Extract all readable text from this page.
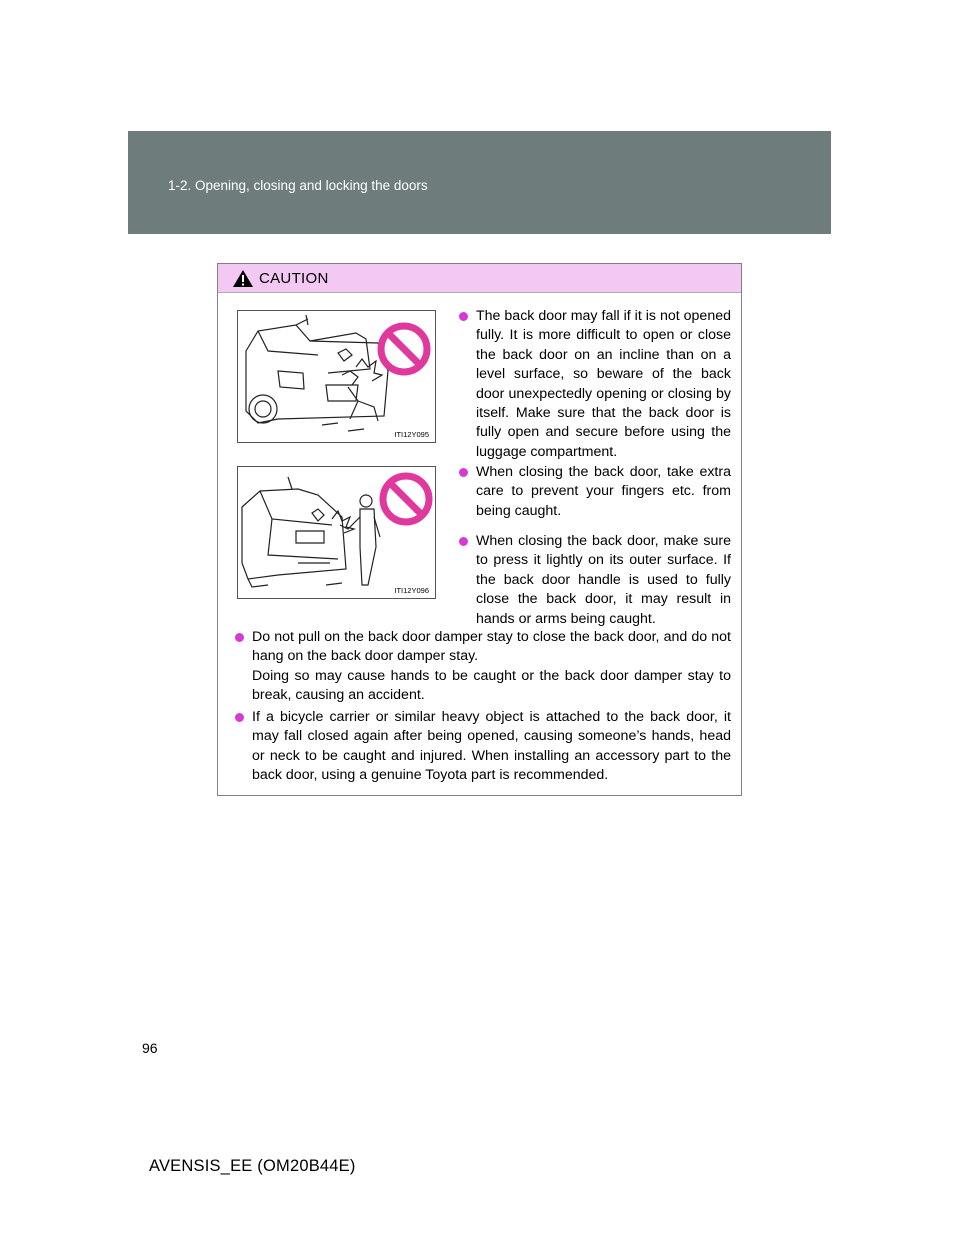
1-2. Opening, closing and locking the doors
CAUTION
ITI12Y095
ITI12Y096
The back door may fall if it is not opened fully. It is more difficult to open or close the back door on an incline than on a level surface, so beware of the back door unexpectedly opening or closing by itself. Make sure that the back door is fully open and secure before using the luggage compartment.
When closing the back door, take extra care to prevent your fingers etc. from being caught.
When closing the back door, make sure to press it lightly on its outer surface. If the back door handle is used to fully close the back door, it may result in hands or arms being caught.
Do not pull on the back door damper stay to close the back door, and do not hang on the back door damper stay.
Doing so may cause hands to be caught or the back door damper stay to break, causing an accident.
If a bicycle carrier or similar heavy object is attached to the back door, it may fall closed again after being opened, causing someone’s hands, head or neck to be caught and injured. When installing an accessory part to the back door, using a genuine Toyota part is recommended.
96
AVENSIS_EE (OM20B44E)
